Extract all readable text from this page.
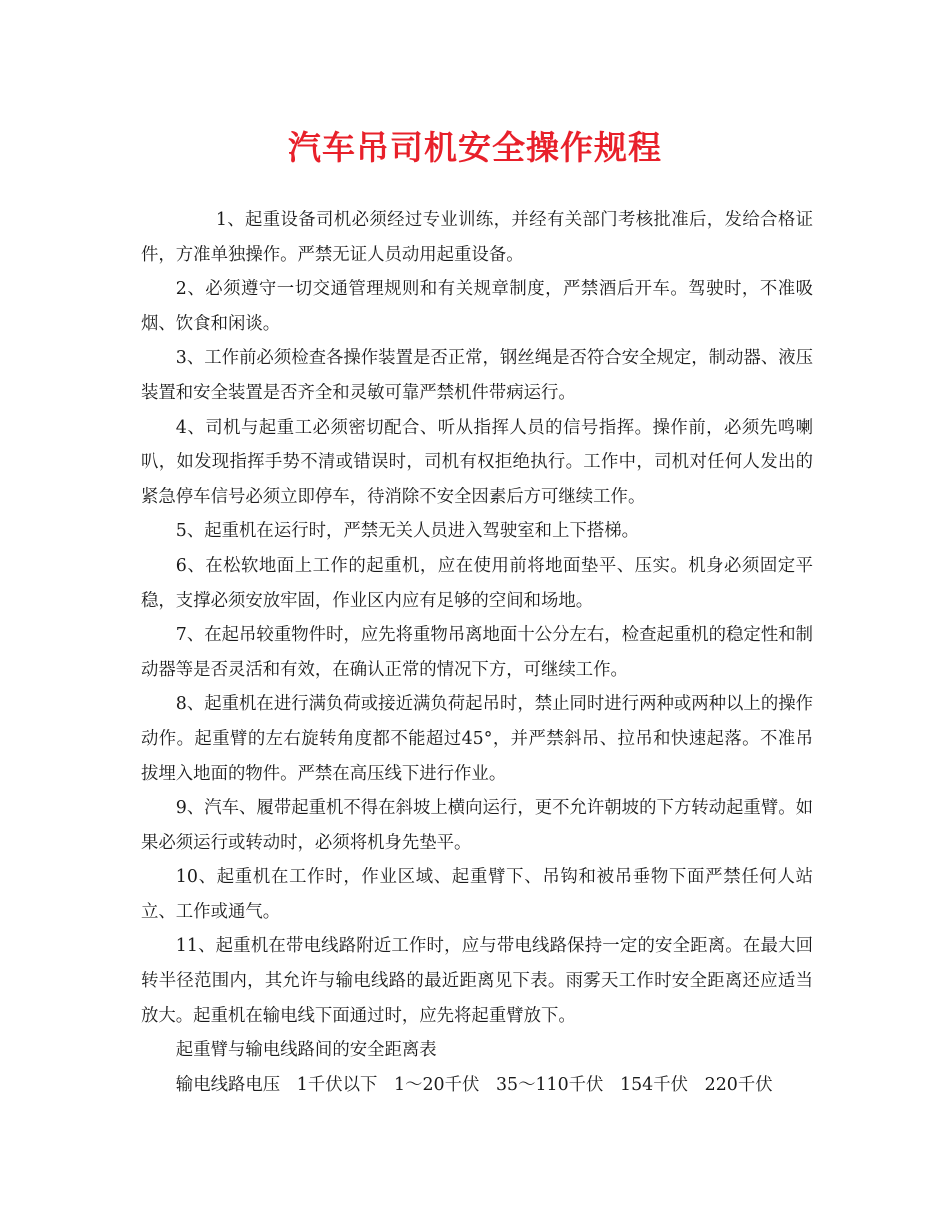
汽车吊司机安全操作规程

1、起重设备司机必须经过专业训练，并经有关部门考核批准后，发给合格证件，方准单独操作。严禁无证人员动用起重设备。

2、必须遵守一切交通管理规则和有关规章制度，严禁酒后开车。驾驶时，不准吸烟、饮食和闲谈。

3、工作前必须检查各操作装置是否正常，钢丝绳是否符合安全规定，制动器、液压装置和安全装置是否齐全和灵敏可靠严禁机件带病运行。

4、司机与起重工必须密切配合、听从指挥人员的信号指挥。操作前，必须先鸣喇叭，如发现指挥手势不清或错误时，司机有权拒绝执行。工作中，司机对任何人发出的紧急停车信号必须立即停车，待消除不安全因素后方可继续工作。

5、起重机在运行时，严禁无关人员进入驾驶室和上下搭梯。

6、在松软地面上工作的起重机，应在使用前将地面垫平、压实。机身必须固定平稳，支撑必须安放牢固，作业区内应有足够的空间和场地。

7、在起吊较重物件时，应先将重物吊离地面十公分左右，检查起重机的稳定性和制动器等是否灵活和有效，在确认正常的情况下方，可继续工作。

8、起重机在进行满负荷或接近满负荷起吊时，禁止同时进行两种或两种以上的操作动作。起重臂的左右旋转角度都不能超过45°，并严禁斜吊、拉吊和快速起落。不准吊拔埋入地面的物件。严禁在高压线下进行作业。

9、汽车、履带起重机不得在斜坡上横向运行，更不允许朝坡的下方转动起重臂。如果必须运行或转动时，必须将机身先垫平。

10、起重机在工作时，作业区域、起重臂下、吊钩和被吊垂物下面严禁任何人站立、工作或通气。

11、起重机在带电线路附近工作时，应与带电线路保持一定的安全距离。在最大回转半径范围内，其允许与输电线路的最近距离见下表。雨雾天工作时安全距离还应适当放大。起重机在输电线下面通过时，应先将起重臂放下。

起重臂与输电线路间的安全距离表

输电线路电压 1千伏以下 1～20千伏 35～110千伏 154千伏 220千伏
